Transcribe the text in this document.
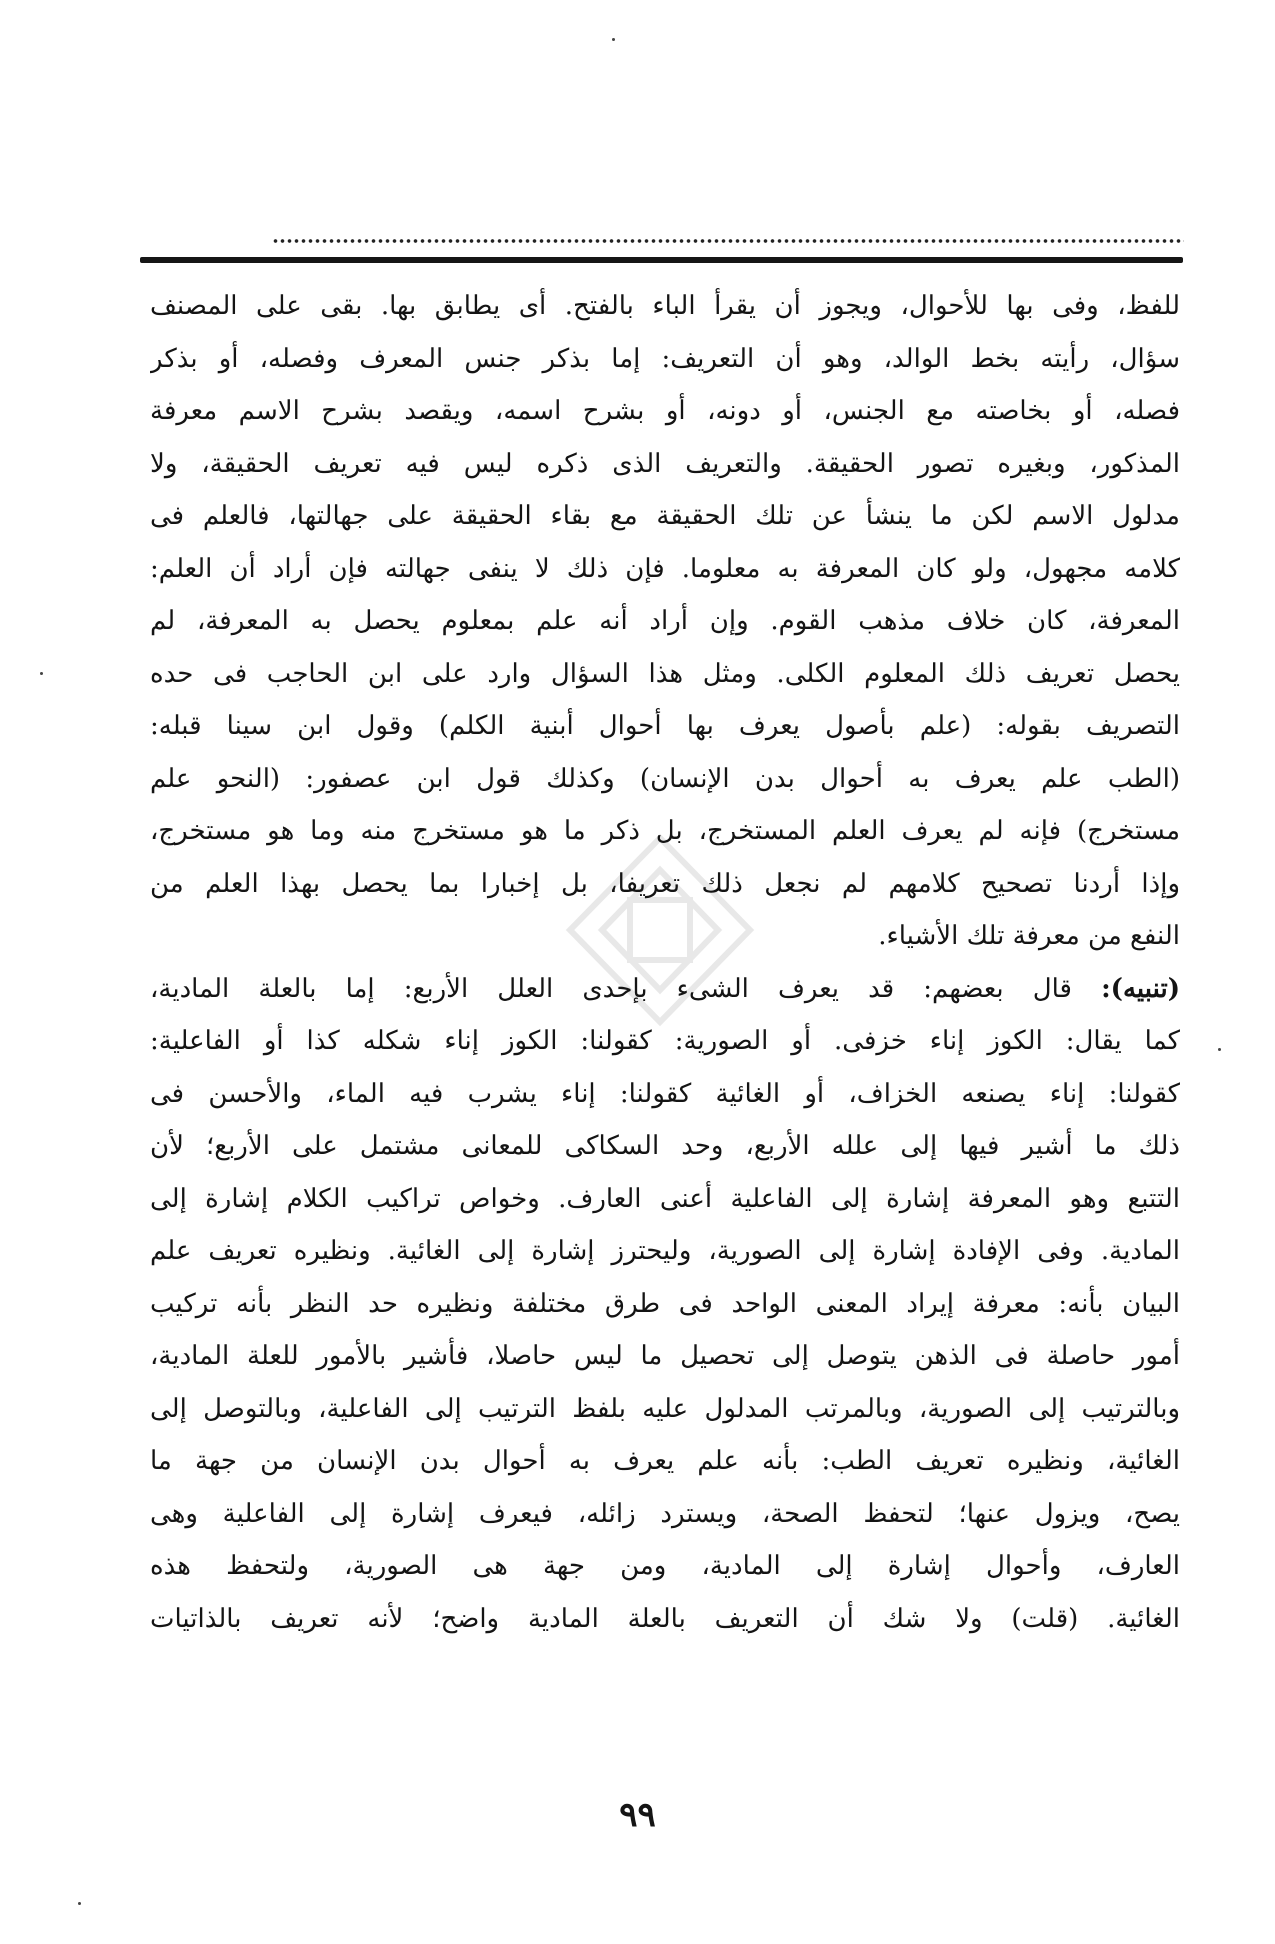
للفظ، وفى بها للأحوال، ويجوز أن يقرأ الباء بالفتح. أى يطابق بها. بقى على المصنف
سؤال، رأيته بخط الوالد، وهو أن التعريف: إما بذكر جنس المعرف وفصله، أو بذكر
فصله، أو بخاصته مع الجنس، أو دونه، أو بشرح اسمه، ويقصد بشرح الاسم معرفة
المذكور، وبغيره تصور الحقيقة. والتعريف الذى ذكره ليس فيه تعريف الحقيقة، ولا
مدلول الاسم لكن ما ينشأ عن تلك الحقيقة مع بقاء الحقيقة على جهالتها، فالعلم فى
كلامه مجهول، ولو كان المعرفة به معلوما. فإن ذلك لا ينفى جهالته فإن أراد أن العلم:
المعرفة، كان خلاف مذهب القوم. وإن أراد أنه علم بمعلوم يحصل به المعرفة، لم
يحصل تعريف ذلك المعلوم الكلى. ومثل هذا السؤال وارد على ابن الحاجب فى حده
التصريف بقوله: (علم بأصول يعرف بها أحوال أبنية الكلم) وقول ابن سينا قبله:
(الطب علم يعرف به أحوال بدن الإنسان) وكذلك قول ابن عصفور: (النحو علم
مستخرج) فإنه لم يعرف العلم المستخرج، بل ذكر ما هو مستخرج منه وما هو مستخرج،
وإذا أردنا تصحيح كلامهم لم نجعل ذلك تعريفا، بل إخبارا بما يحصل بهذا العلم من
النفع من معرفة تلك الأشياء.
(تنبيه): قال بعضهم: قد يعرف الشىء بإحدى العلل الأربع: إما بالعلة المادية،
كما يقال: الكوز إناء خزفى. أو الصورية: كقولنا: الكوز إناء شكله كذا أو الفاعلية:
كقولنا: إناء يصنعه الخزاف، أو الغائية كقولنا: إناء يشرب فيه الماء، والأحسن فى
ذلك ما أشير فيها إلى علله الأربع، وحد السكاكى للمعانى مشتمل على الأربع؛ لأن
التتبع وهو المعرفة إشارة إلى الفاعلية أعنى العارف. وخواص تراكيب الكلام إشارة إلى
المادية. وفى الإفادة إشارة إلى الصورية، وليحترز إشارة إلى الغائية. ونظيره تعريف علم
البيان بأنه: معرفة إيراد المعنى الواحد فى طرق مختلفة ونظيره حد النظر بأنه تركيب
أمور حاصلة فى الذهن يتوصل إلى تحصيل ما ليس حاصلا، فأشير بالأمور للعلة المادية،
وبالترتيب إلى الصورية، وبالمرتب المدلول عليه بلفظ الترتيب إلى الفاعلية، وبالتوصل إلى
الغائية، ونظيره تعريف الطب: بأنه علم يعرف به أحوال بدن الإنسان من جهة ما
يصح، ويزول عنها؛ لتحفظ الصحة، ويسترد زائله، فيعرف إشارة إلى الفاعلية وهى
العارف، وأحوال إشارة إلى المادية، ومن جهة هى الصورية، ولتحفظ هذه
الغائية. (قلت) ولا شك أن التعريف بالعلة المادية واضح؛ لأنه تعريف بالذاتيات
٩٩
